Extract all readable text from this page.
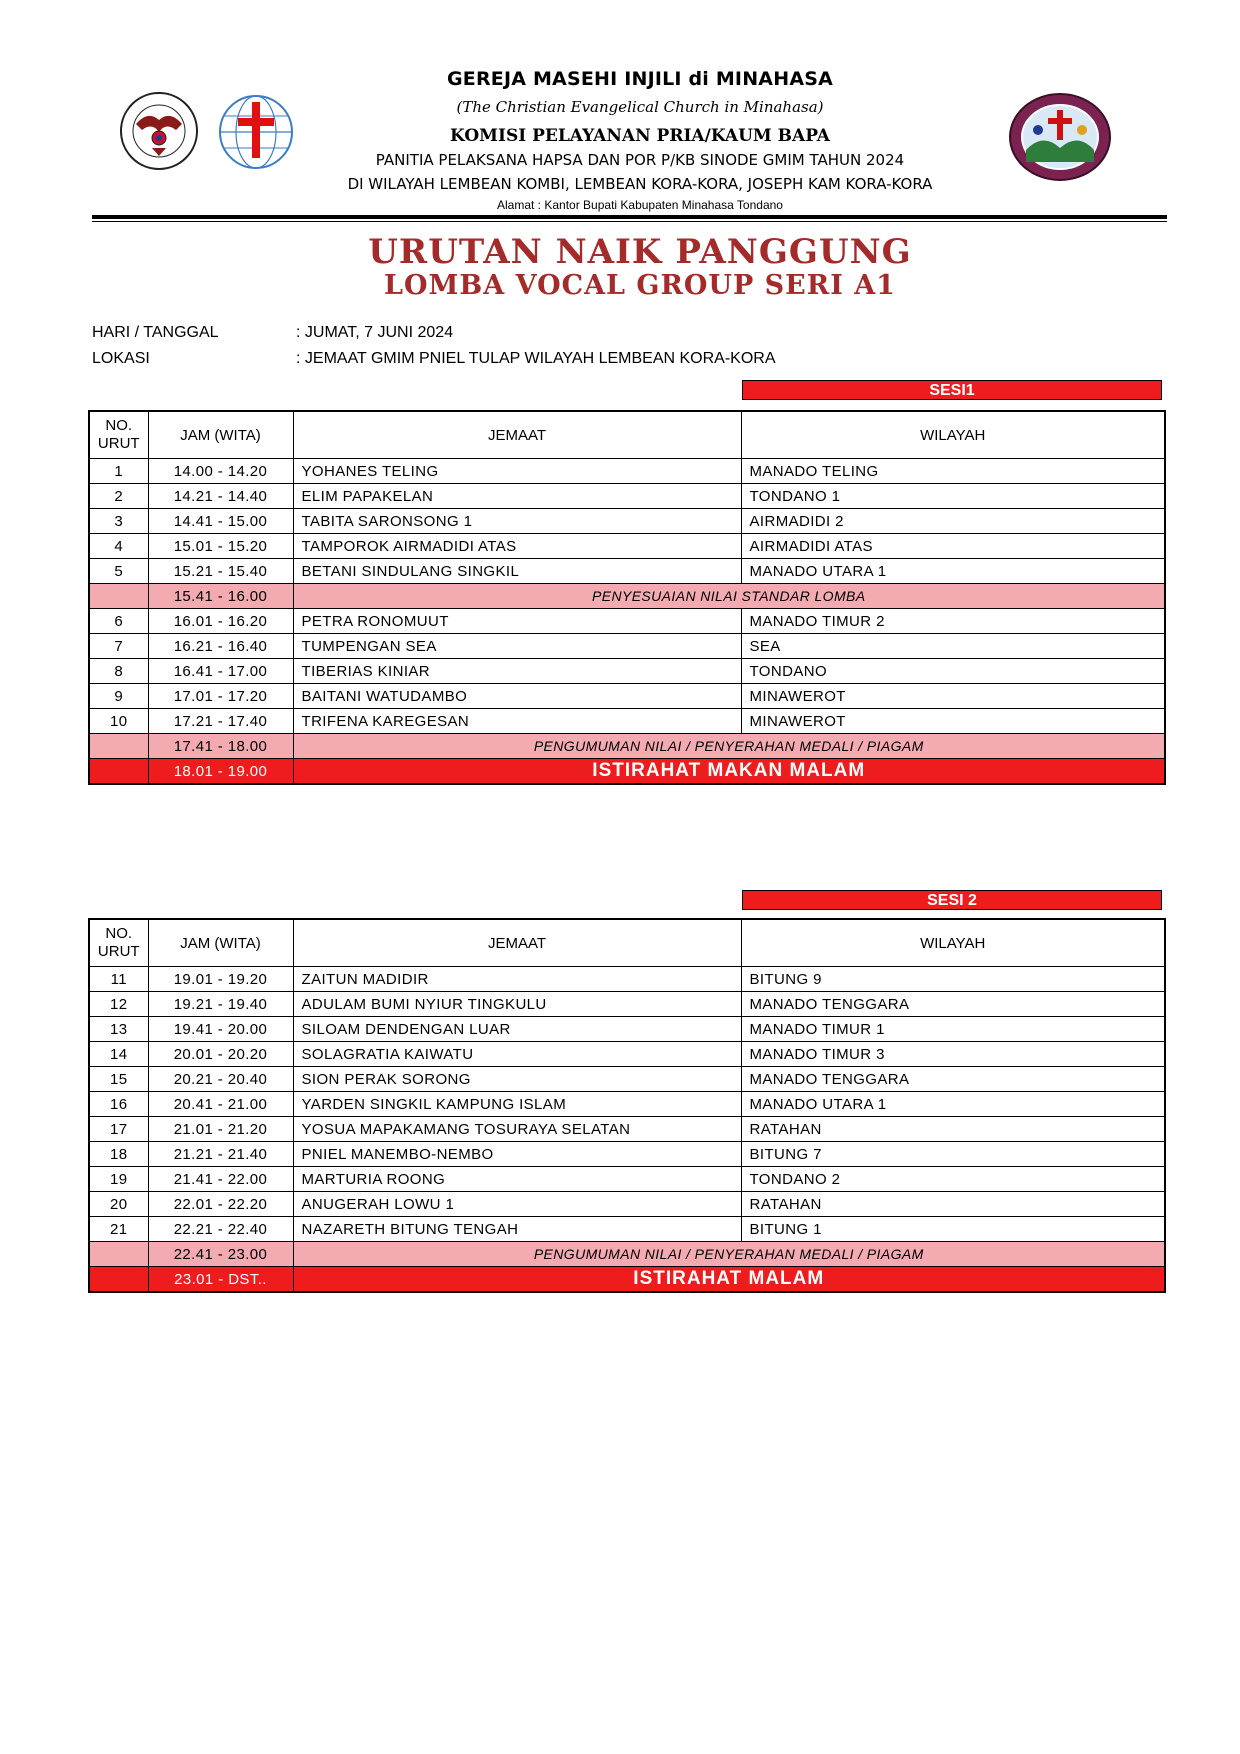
GEREJA MASEHI INJILI di MINAHASA
(The Christian Evangelical Church in Minahasa)
KOMISI PELAYANAN PRIA/KAUM BAPA
PANITIA PELAKSANA HAPSA DAN POR P/KB SINODE GMIM TAHUN 2024
DI WILAYAH LEMBEAN KOMBI, LEMBEAN KORA-KORA, JOSEPH KAM KORA-KORA
Alamat : Kantor Bupati Kabupaten Minahasa Tondano
URUTAN NAIK PANGGUNG
LOMBA VOCAL GROUP SERI A1
HARI / TANGGAL	: JUMAT, 7 JUNI 2024
LOKASI	: JEMAAT GMIM PNIEL TULAP WILAYAH LEMBEAN KORA-KORA
SESI1
NO.
URUT	JAM (WITA)	JEMAAT	WILAYAH
1	14.00 - 14.20	YOHANES TELING	MANADO TELING
2	14.21 - 14.40	ELIM PAPAKELAN	TONDANO 1
3	14.41 - 15.00	TABITA SARONSONG 1	AIRMADIDI 2
4	15.01 - 15.20	TAMPOROK AIRMADIDI ATAS	AIRMADIDI ATAS
5	15.21 - 15.40	BETANI SINDULANG SINGKIL	MANADO UTARA 1
	15.41 - 16.00	PENYESUAIAN NILAI STANDAR LOMBA	
6	16.01 - 16.20	PETRA RONOMUUT	MANADO TIMUR 2
7	16.21 - 16.40	TUMPENGAN SEA	SEA
8	16.41 - 17.00	TIBERIAS KINIAR	TONDANO
9	17.01 - 17.20	BAITANI WATUDAMBO	MINAWEROT
10	17.21 - 17.40	TRIFENA KAREGESAN	MINAWEROT
	17.41 - 18.00	PENGUMUMAN NILAI / PENYERAHAN MEDALI / PIAGAM	
	18.01 - 19.00	ISTIRAHAT MAKAN MALAM	
SESI 2
NO.
URUT	JAM (WITA)	JEMAAT	WILAYAH
11	19.01 - 19.20	ZAITUN MADIDIR	BITUNG 9
12	19.21 - 19.40	ADULAM BUMI NYIUR TINGKULU	MANADO TENGGARA
13	19.41 - 20.00	SILOAM DENDENGAN LUAR	MANADO TIMUR 1
14	20.01 - 20.20	SOLAGRATIA KAIWATU	MANADO TIMUR 3
15	20.21 - 20.40	SION PERAK SORONG	MANADO TENGGARA
16	20.41 - 21.00	YARDEN SINGKIL KAMPUNG ISLAM	MANADO UTARA 1
17	21.01 - 21.20	YOSUA MAPAKAMANG TOSURAYA SELATAN	RATAHAN
18	21.21 - 21.40	PNIEL MANEMBO-NEMBO	BITUNG 7
19	21.41 - 22.00	MARTURIA ROONG	TONDANO 2
20	22.01 - 22.20	ANUGERAH LOWU 1	RATAHAN
21	22.21 - 22.40	NAZARETH BITUNG TENGAH	BITUNG 1
	22.41 - 23.00	PENGUMUMAN NILAI / PENYERAHAN MEDALI / PIAGAM	
	23.01 - DST..	ISTIRAHAT MALAM	
